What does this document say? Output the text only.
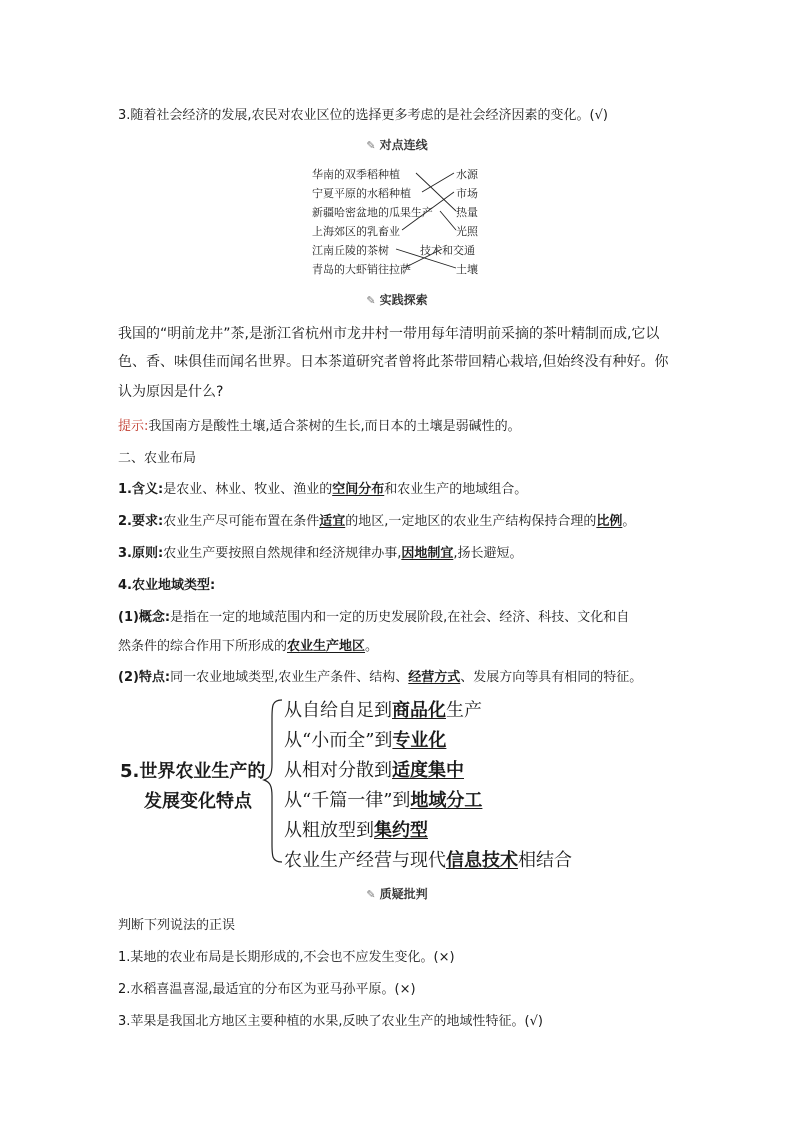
3.随着社会经济的发展,农民对农业区位的选择更多考虑的是社会经济因素的变化。(√)
✎ 对点连线
华南的双季稻种植
宁夏平原的水稻种植
新疆哈密盆地的瓜果生产
上海郊区的乳畜业
江南丘陵的茶树
青岛的大虾销往拉萨
水源
市场
热量
光照
技术和交通
土壤
✎ 实践探索
我国的“明前龙井”茶,是浙江省杭州市龙井村一带用每年清明前采摘的茶叶精制而成,它以
色、香、味俱佳而闻名世界。日本茶道研究者曾将此茶带回精心栽培,但始终没有种好。你
认为原因是什么?
提示:我国南方是酸性土壤,适合茶树的生长,而日本的土壤是弱碱性的。
二、农业布局
1.含义:是农业、林业、牧业、渔业的空间分布和农业生产的地域组合。
2.要求:农业生产尽可能布置在条件适宜的地区,一定地区的农业生产结构保持合理的比例。
3.原则:农业生产要按照自然规律和经济规律办事,因地制宜,扬长避短。
4.农业地域类型:
(1)概念:是指在一定的地域范围内和一定的历史发展阶段,在社会、经济、科技、文化和自
然条件的综合作用下所形成的农业生产地区。
(2)特点:同一农业地域类型,农业生产条件、结构、经营方式、发展方向等具有相同的特征。
5.世界农业生产的
发展变化特点
从自给自足到商品化生产
从“小而全”到专业化
从相对分散到适度集中
从“千篇一律”到地域分工
从粗放型到集约型
农业生产经营与现代信息技术相结合
✎ 质疑批判
判断下列说法的正误
1.某地的农业布局是长期形成的,不会也不应发生变化。(×)
2.水稻喜温喜湿,最适宜的分布区为亚马孙平原。(×)
3.苹果是我国北方地区主要种植的水果,反映了农业生产的地域性特征。(√)
